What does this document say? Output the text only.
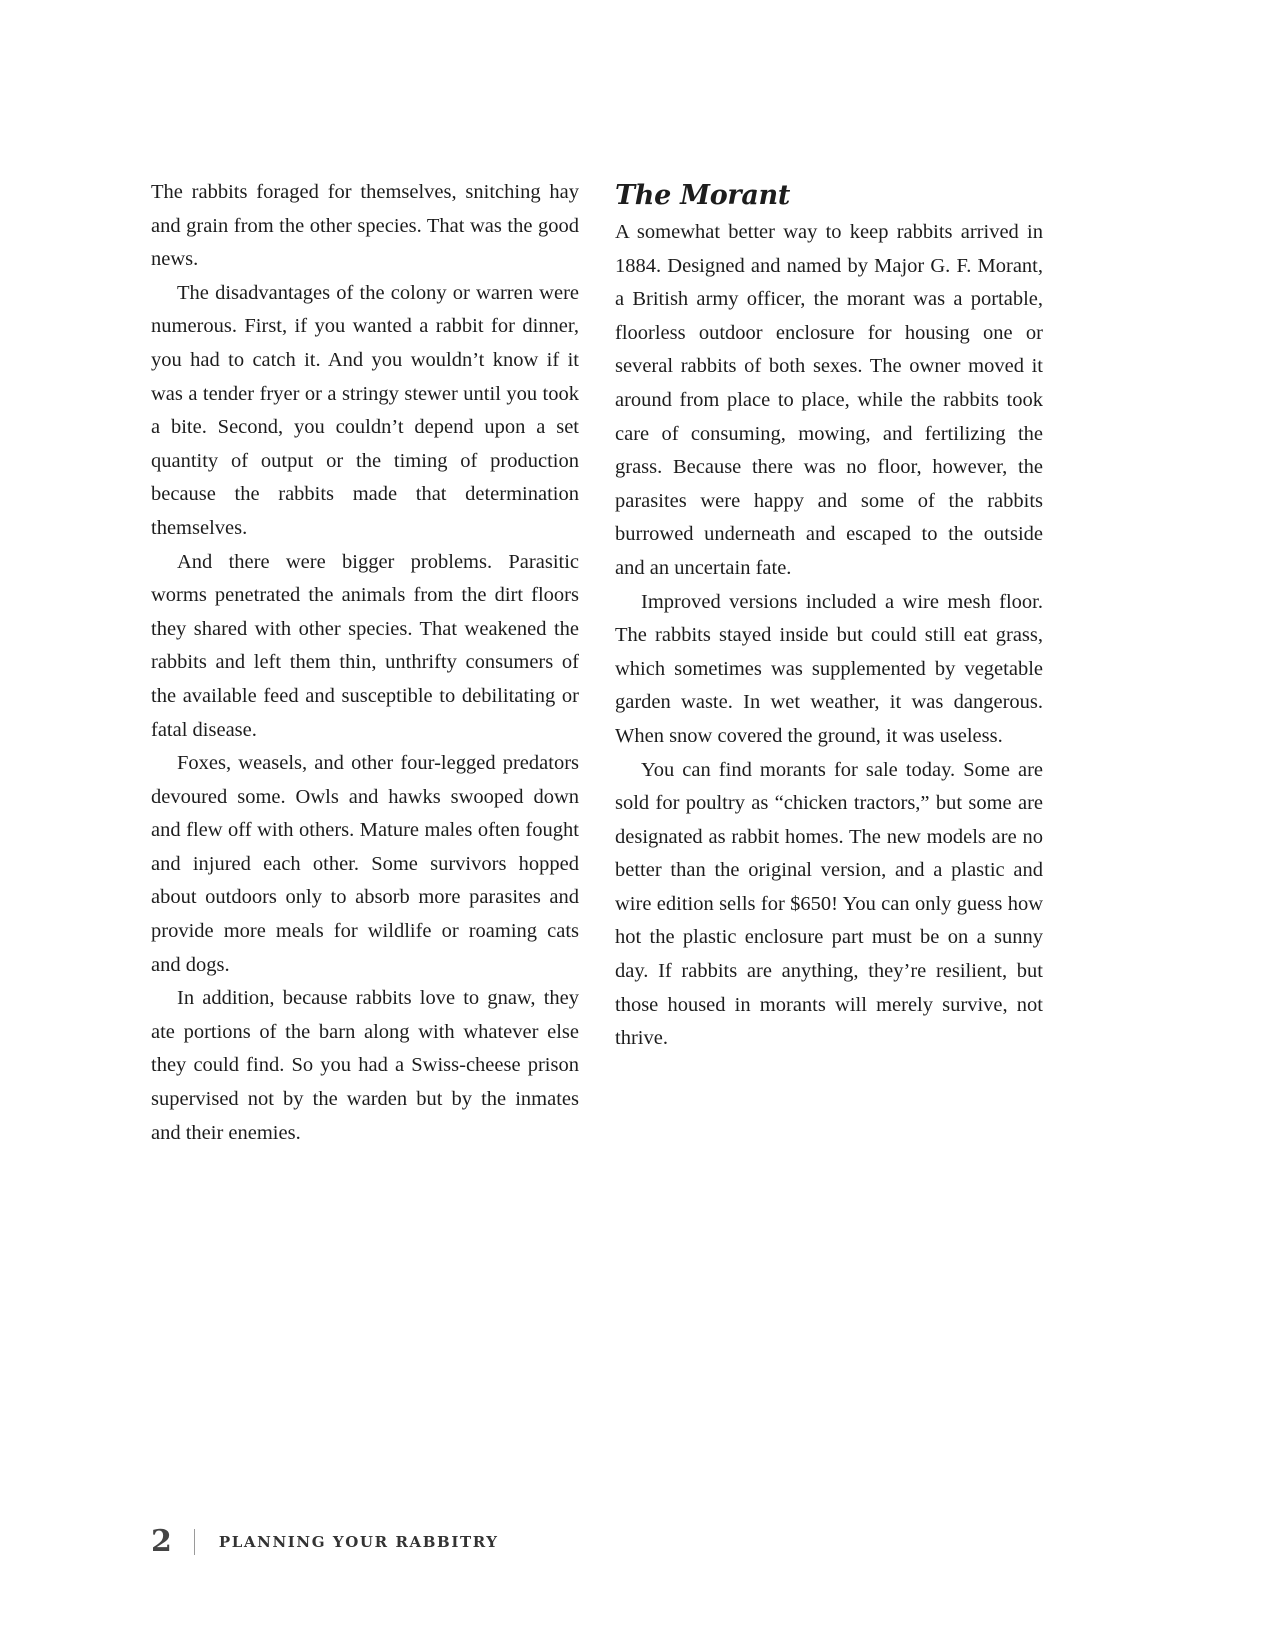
The rabbits foraged for themselves, snitching hay and grain from the other species. That was the good news.

The disadvantages of the colony or warren were numerous. First, if you wanted a rabbit for dinner, you had to catch it. And you wouldn’t know if it was a tender fryer or a stringy stewer until you took a bite. Second, you couldn’t depend upon a set quantity of output or the timing of production because the rabbits made that determination themselves.

And there were bigger problems. Parasitic worms penetrated the animals from the dirt floors they shared with other species. That weakened the rabbits and left them thin, unthrifty consumers of the available feed and susceptible to debilitating or fatal disease.

Foxes, weasels, and other four-legged predators devoured some. Owls and hawks swooped down and flew off with others. Mature males often fought and injured each other. Some survivors hopped about outdoors only to absorb more parasites and provide more meals for wildlife or roaming cats and dogs.

In addition, because rabbits love to gnaw, they ate portions of the barn along with whatever else they could find. So you had a Swiss-cheese prison supervised not by the warden but by the inmates and their enemies.

The Morant

A somewhat better way to keep rabbits arrived in 1884. Designed and named by Major G. F. Morant, a British army officer, the morant was a portable, floorless outdoor enclosure for housing one or several rabbits of both sexes. The owner moved it around from place to place, while the rabbits took care of consuming, mowing, and fertilizing the grass. Because there was no floor, however, the parasites were happy and some of the rabbits burrowed underneath and escaped to the outside and an uncertain fate.

Improved versions included a wire mesh floor. The rabbits stayed inside but could still eat grass, which sometimes was supplemented by vegetable garden waste. In wet weather, it was dangerous. When snow covered the ground, it was useless.

You can find morants for sale today. Some are sold for poultry as “chicken tractors,” but some are designated as rabbit homes. The new models are no better than the original version, and a plastic and wire edition sells for $650! You can only guess how hot the plastic enclosure part must be on a sunny day. If rabbits are anything, they’re resilient, but those housed in morants will merely survive, not thrive.

2	PLANNING YOUR RABBITRY
